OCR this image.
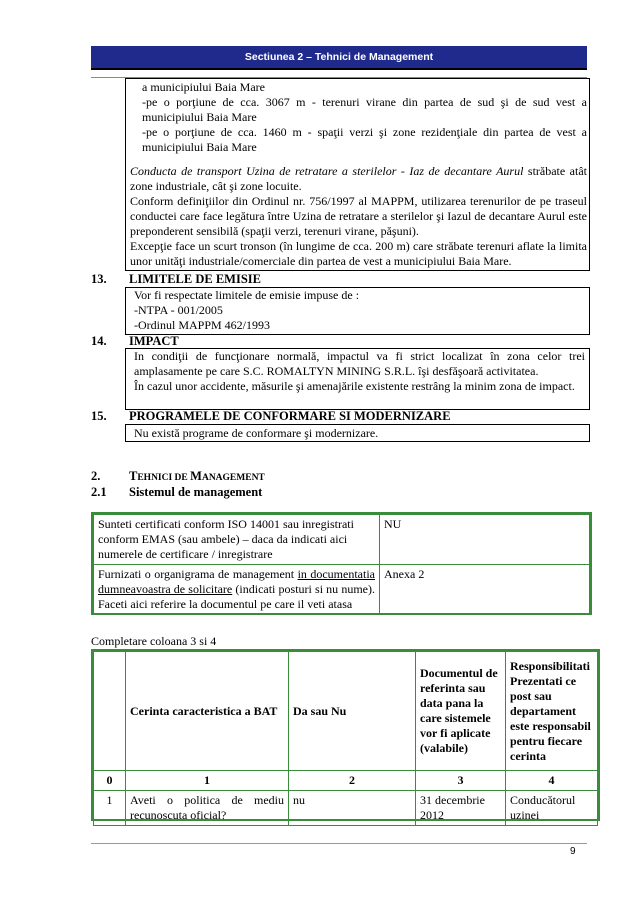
Sectiunea 2 – Tehnici de Management

a municipiului Baia Mare

-pe o porţiune de cca. 3067 m - terenuri virane din partea de sud şi de sud vest a municipiului Baia Mare

-pe o porţiune de cca. 1460 m - spaţii verzi şi zone rezidenţiale din partea de vest a municipiului Baia Mare

Conducta de transport Uzina de retratare a sterilelor - Iaz de decantare Aurul străbate atât zone industriale, cât şi zone locuite.

Conform definiţiilor din Ordinul nr. 756/1997 al MAPPM, utilizarea terenurilor de pe traseul conductei care face legătura între Uzina de retratare a sterilelor şi Iazul de decantare Aurul este preponderent sensibilă (spaţii verzi, terenuri virane, păşuni).

Excepţie face un scurt tronson (în lungime de cca. 200 m) care străbate terenuri aflate la limita unor unităţi industriale/comerciale din partea de vest a municipiului Baia Mare.

13. LIMITELE DE EMISIE

Vor fi respectate limitele de emisie impuse de :

-NTPA - 001/2005

-Ordinul MAPPM 462/1993

14. IMPACT

In condiţii de funcţionare normală, impactul va fi strict localizat în zona celor trei amplasamente pe care S.C. ROMALTYN MINING S.R.L. îşi desfăşoară activitatea.

În cazul unor accidente, măsurile şi amenajările existente restrâng la minim zona de impact.

15. PROGRAMELE DE CONFORMARE SI MODERNIZARE

Nu există programe de conformare şi modernizare.

2. TEHNICI DE MANAGEMENT
2.1 Sistemul de management
Sunteti certificati conform ISO 14001 sau inregistrati conform EMAS (sau ambele) – daca da indicati aici numerele de certificare / inregistrare	NU
Furnizati o organigrama de management in documentatia dumneavoastra de solicitare (indicati posturi si nu nume). Faceti aici referire la documentul pe care il veti atasa	Anexa 2
Completare coloana 3 si 4
	Cerinta caracteristica a BAT	Da sau Nu	Documentul de referinta sau data pana la care sistemele vor fi aplicate (valabile)	Responsibilitati Prezentati ce post sau departament este responsabil pentru fiecare cerinta
0	1	2	3	4
1	Aveti o politica de mediu recunoscuta oficial?	nu	31 decembrie 2012	Conducătorul uzinei
9
